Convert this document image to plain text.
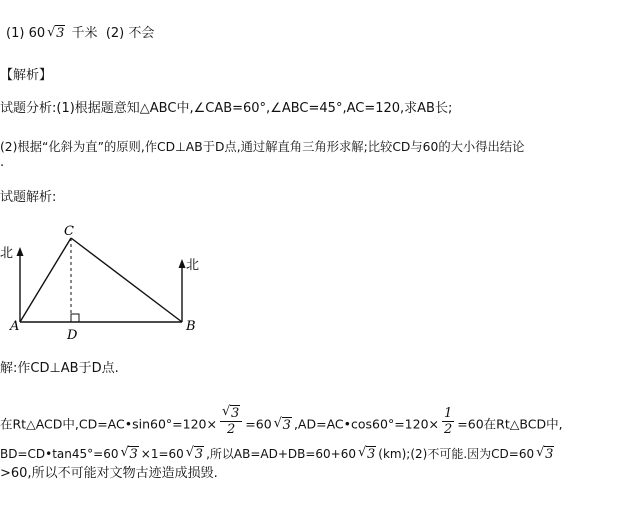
(1) 60 √ 3 千米 (2) 不会
【解析】
试题分析:(1)根据题意知△ABC中,∠CAB=60°,∠ABC=45°,AC=120,求AB长;
(2)根据“化斜为直”的原则,作CD⊥AB于D点,通过解直角三角形求解;比较CD与60的大小得出结论
.
试题解析:
北
北
A	B
C
D
解:作CD⊥AB于D点.
在Rt△ACD中,CD=AC•sin60°=120× $\frac{√ 3}{2} =60$ √ 3 ,AD=AC•cos60°=120× $\frac{1}{2} =60$在Rt△BCD中,
BD=CD•tan45°=60 √ 3 ×1=60 √ 3 ,所以AB=AD+DB=60+60 √ 3 (km);(2)不可能.因为CD=60 √ 3
>60,所以不可能对文物古迹造成损毁.
